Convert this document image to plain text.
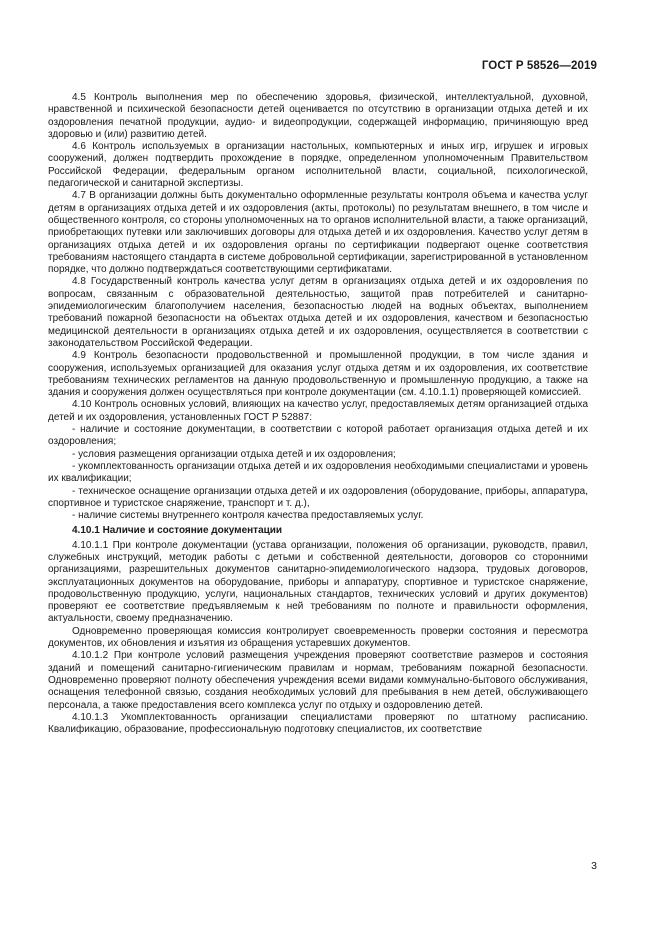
ГОСТ Р 58526—2019

4.5 Контроль выполнения мер по обеспечению здоровья, физической, интеллектуальной, духовной, нравственной и психической безопасности детей оценивается по отсутствию в организации отдыха детей и их оздоровления печатной продукции, аудио- и видеопродукции, содержащей информацию, причиняющую вред здоровью и (или) развитию детей.

4.6 Контроль используемых в организации настольных, компьютерных и иных игр, игрушек и игровых сооружений, должен подтвердить прохождение в порядке, определенном уполномоченным Правительством Российской Федерации, федеральным органом исполнительной власти, социальной, психологической, педагогической и санитарной экспертизы.

4.7 В организации должны быть документально оформленные результаты контроля объема и качества услуг детям в организациях отдыха детей и их оздоровления (акты, протоколы) по результатам внешнего, в том числе и общественного контроля, со стороны уполномоченных на то органов исполнительной власти, а также организаций, приобретающих путевки или заключивших договоры для отдыха детей и их оздоровления. Качество услуг детям в организациях отдыха детей и их оздоровления органы по сертификации подвергают оценке соответствия требованиям настоящего стандарта в системе добровольной сертификации, зарегистрированной в установленном порядке, что должно подтверждаться соответствующими сертификатами.

4.8 Государственный контроль качества услуг детям в организациях отдыха детей и их оздоровления по вопросам, связанным с образовательной деятельностью, защитой прав потребителей и санитарно-эпидемиологическим благополучием населения, безопасностью людей на водных объектах, выполнением требований пожарной безопасности на объектах отдыха детей и их оздоровления, качеством и безопасностью медицинской деятельности в организациях отдыха детей и их оздоровления, осуществляется в соответствии с законодательством Российской Федерации.

4.9 Контроль безопасности продовольственной и промышленной продукции, в том числе здания и сооружения, используемых организацией для оказания услуг отдыха детям и их оздоровления, их соответствие требованиям технических регламентов на данную продовольственную и промышленную продукцию, а также на здания и сооружения должен осуществляться при контроле документации (см. 4.10.1.1) проверяющей комиссией.

4.10 Контроль основных условий, влияющих на качество услуг, предоставляемых детям организацией отдыха детей и их оздоровления, установленных ГОСТ Р 52887:

- наличие и состояние документации, в соответствии с которой работает организация отдыха детей и их оздоровления;

- условия размещения организации отдыха детей и их оздоровления;

- укомплектованность организации отдыха детей и их оздоровления необходимыми специалистами и уровень их квалификации;

- техническое оснащение организации отдыха детей и их оздоровления (оборудование, приборы, аппаратура, спортивное и туристское снаряжение, транспорт и т. д.),

- наличие системы внутреннего контроля качества предоставляемых услуг.

4.10.1 Наличие и состояние документации

4.10.1.1 При контроле документации (устава организации, положения об организации, руководств, правил, служебных инструкций, методик работы с детьми и собственной деятельности, договоров со сторонними организациями, разрешительных документов санитарно-эпидемиологического надзора, трудовых договоров, эксплуатационных документов на оборудование, приборы и аппаратуру, спортивное и туристское снаряжение, продовольственную продукцию, услуги, национальных стандартов, технических условий и других документов) проверяют ее соответствие предъявляемым к ней требованиям по полноте и правильности оформления, актуальности, своему предназначению.

Одновременно проверяющая комиссия контролирует своевременность проверки состояния и пересмотра документов, их обновления и изъятия из обращения устаревших документов.

4.10.1.2 При контроле условий размещения учреждения проверяют соответствие размеров и состояния зданий и помещений санитарно-гигиеническим правилам и нормам, требованиям пожарной безопасности. Одновременно проверяют полноту обеспечения учреждения всеми видами коммунально-бытового обслуживания, оснащения телефонной связью, создания необходимых условий для пребывания в нем детей, обслуживающего персонала, а также предоставления всего комплекса услуг по отдыху и оздоровлению детей.

4.10.1.3 Укомплектованность организации специалистами проверяют по штатному расписанию. Квалификацию, образование, профессиональную подготовку специалистов, их соответствие

3
